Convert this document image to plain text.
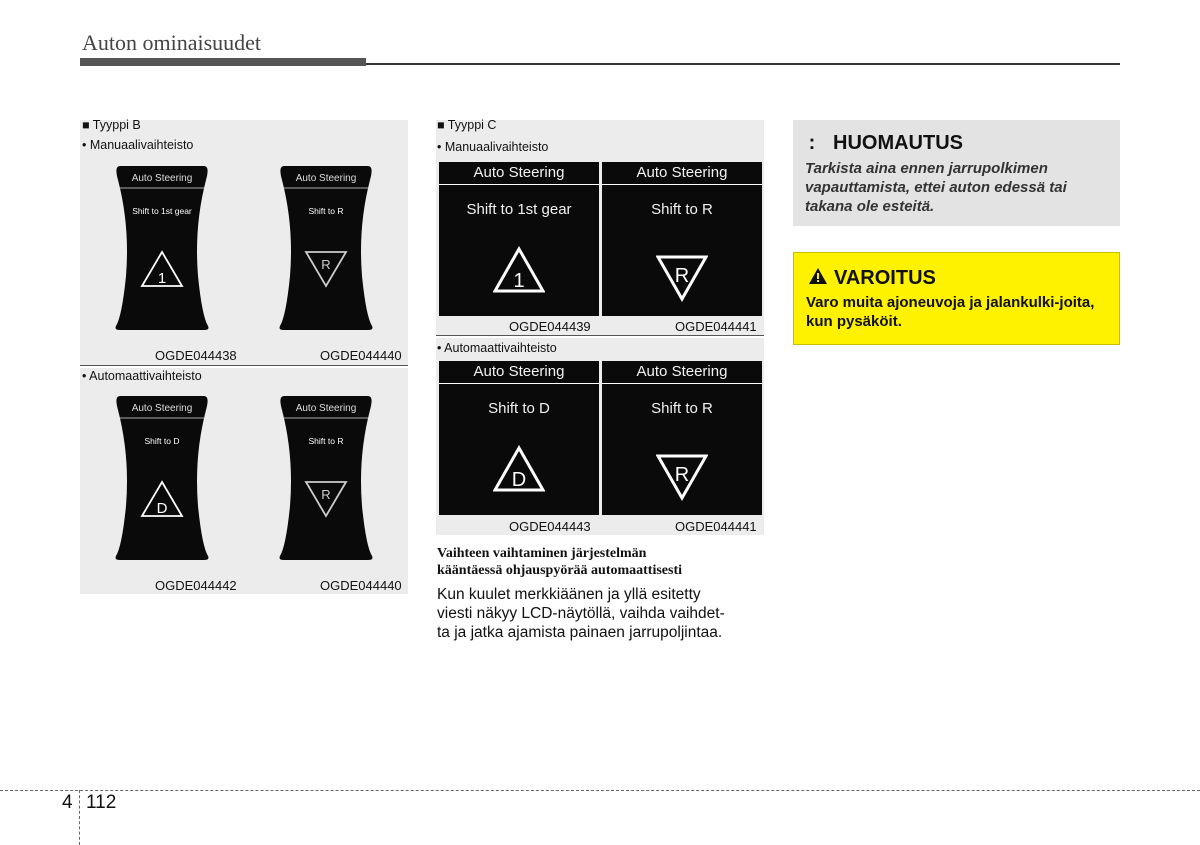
Auton ominaisuudet
■ Tyyppi B
• Manuaalivaihteisto
• Automaattivaihteisto
Auto Steering
Shift to 1st gear
1
Auto Steering
Shift to R
R
Auto Steering
Shift to D
D
Auto Steering
Shift to R
R
OGDE044438	OGDE044440
OGDE044442	OGDE044440
■ Tyyppi C
• Manuaalivaihteisto
• Automaattivaihteisto
Auto Steering
Shift to 1st gear
1
Auto Steering
Shift to R
R
Auto Steering
Shift to D
D
Auto Steering
Shift to R
R
OGDE044439	OGDE044441
OGDE044443	OGDE044441
Vaihteen vaihtaminen järjestelmän
kääntäessä ohjauspyörää automaattisesti
Kun kuulet merkkiäänen ja yllä esitetty
viesti näkyy LCD-näytöllä, vaihda vaihdet-
ta ja jatka ajamista painaen jarrupoljintaa.
: HUOMAUTUS
Tarkista aina ennen jarrupolkimen vapauttamista, ettei auton edessä tai takana ole esteitä.
VAROITUS
Varo muita ajoneuvoja ja jalankulki-joita, kun pysäköit.
4 112
